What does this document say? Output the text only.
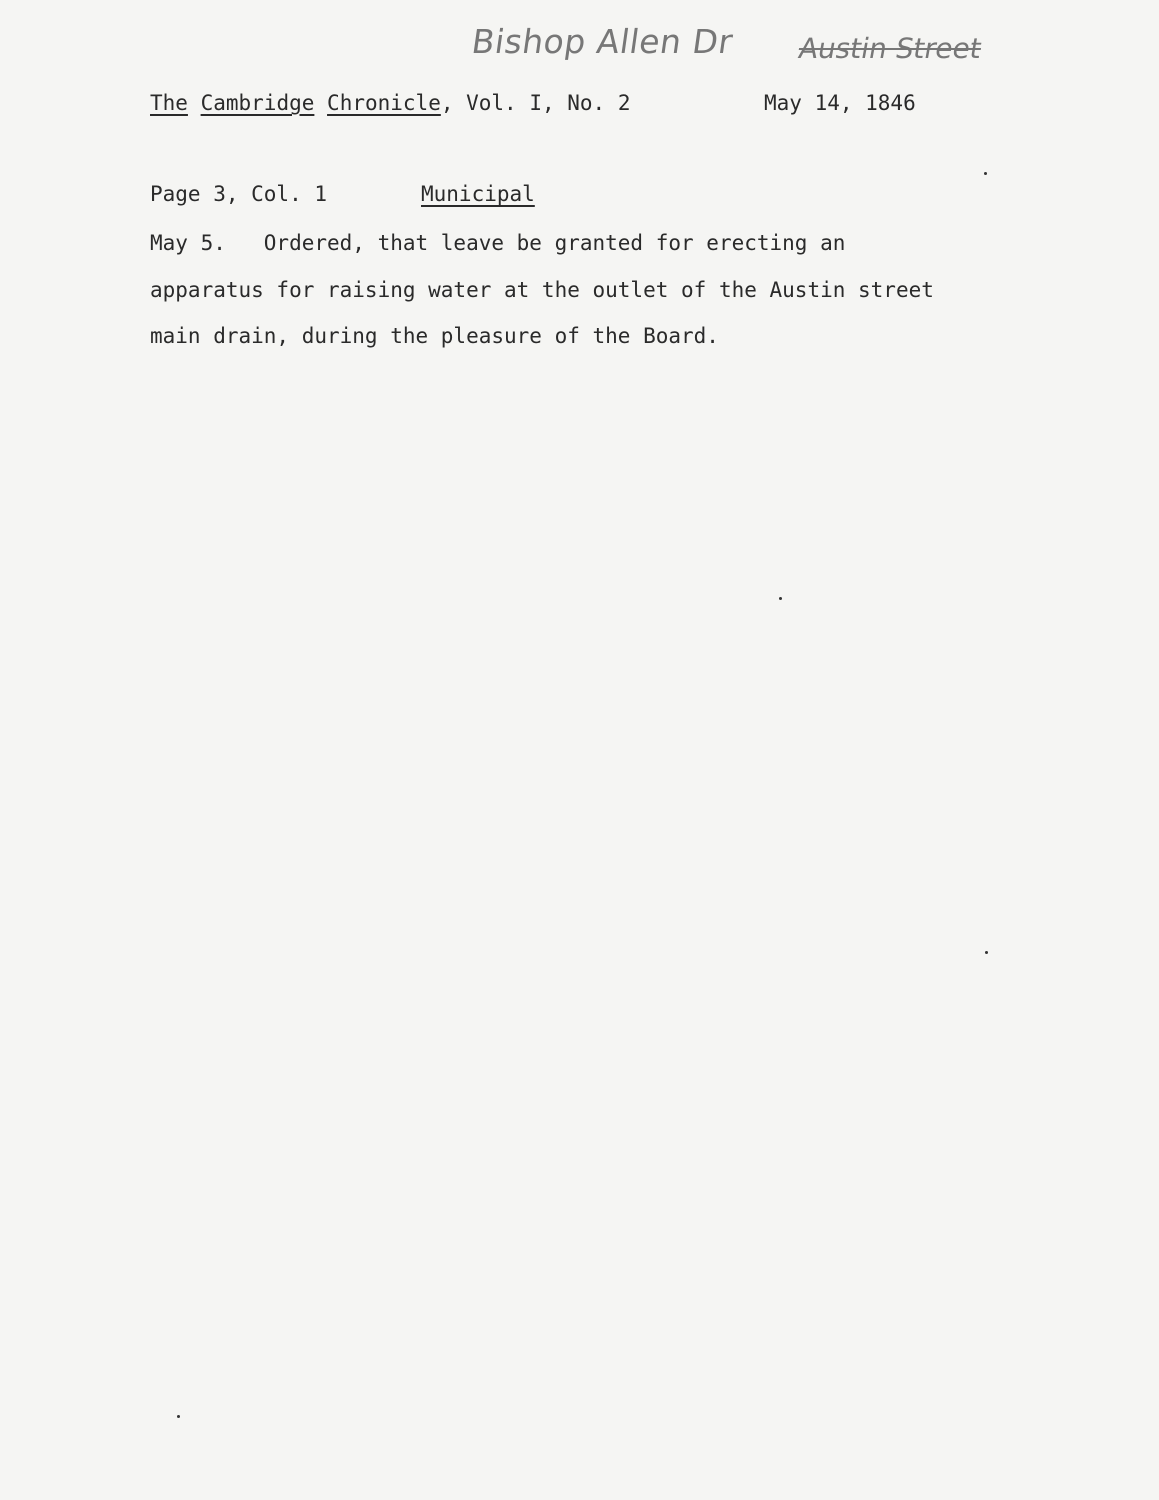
Bishop Allen Dr Austin Street

The Cambridge Chronicle, Vol. I, No. 2	May 14, 1846

Page 3, Col. 1	Municipal

May 5.   Ordered, that leave be granted for erecting an

apparatus for raising water at the outlet of the Austin street

main drain, during the pleasure of the Board.
